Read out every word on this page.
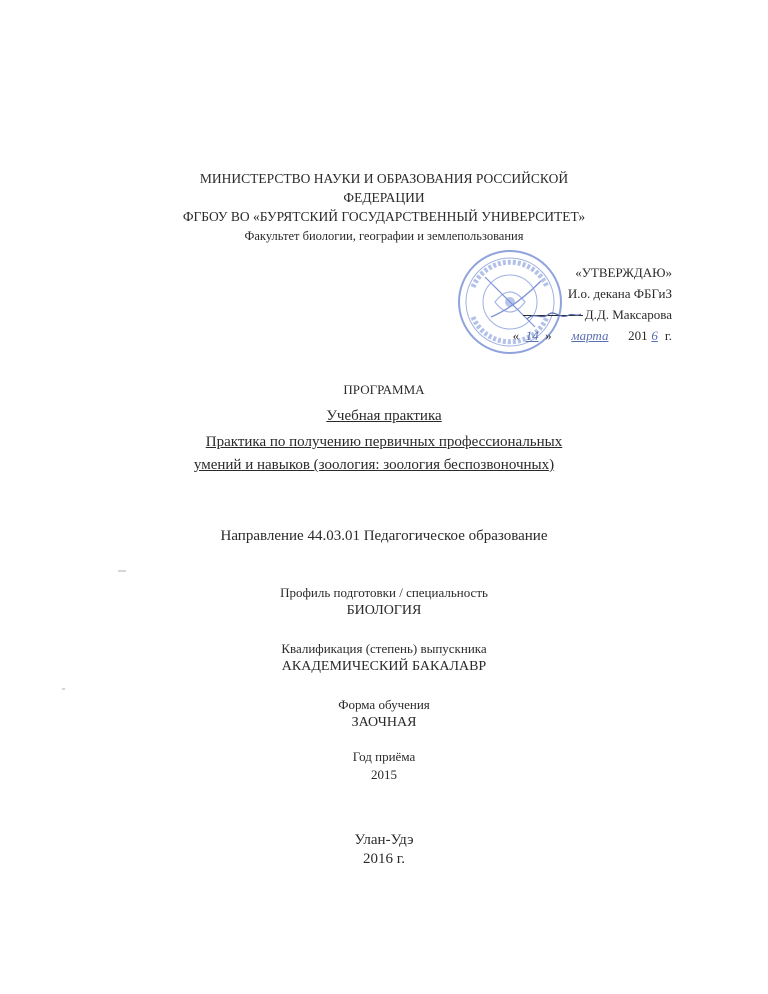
МИНИСТЕРСТВО НАУКИ И ОБРАЗОВАНИЯ РОССИЙСКОЙ
ФЕДЕРАЦИИ
ФГБОУ ВО «БУРЯТСКИЙ ГОСУДАРСТВЕННЫЙ УНИВЕРСИТЕТ»
Факультет биологии, географии и землепользования
«УТВЕРЖДАЮ»
И.о. декана ФБГиЗ
Д.Д. Максарова
« 14 » марта 201 6 г.
ПРОГРАММА
Учебная практика
Практика по получению первичных профессиональных
умений и навыков (зоология: зоология беспозвоночных)
Направление 44.03.01 Педагогическое образование
Профиль подготовки / специальность
БИОЛОГИЯ
Квалификация (степень) выпускника
АКАДЕМИЧЕСКИЙ БАКАЛАВР
Форма обучения
ЗАОЧНАЯ
Год приёма
2015
Улан-Удэ
2016 г.
